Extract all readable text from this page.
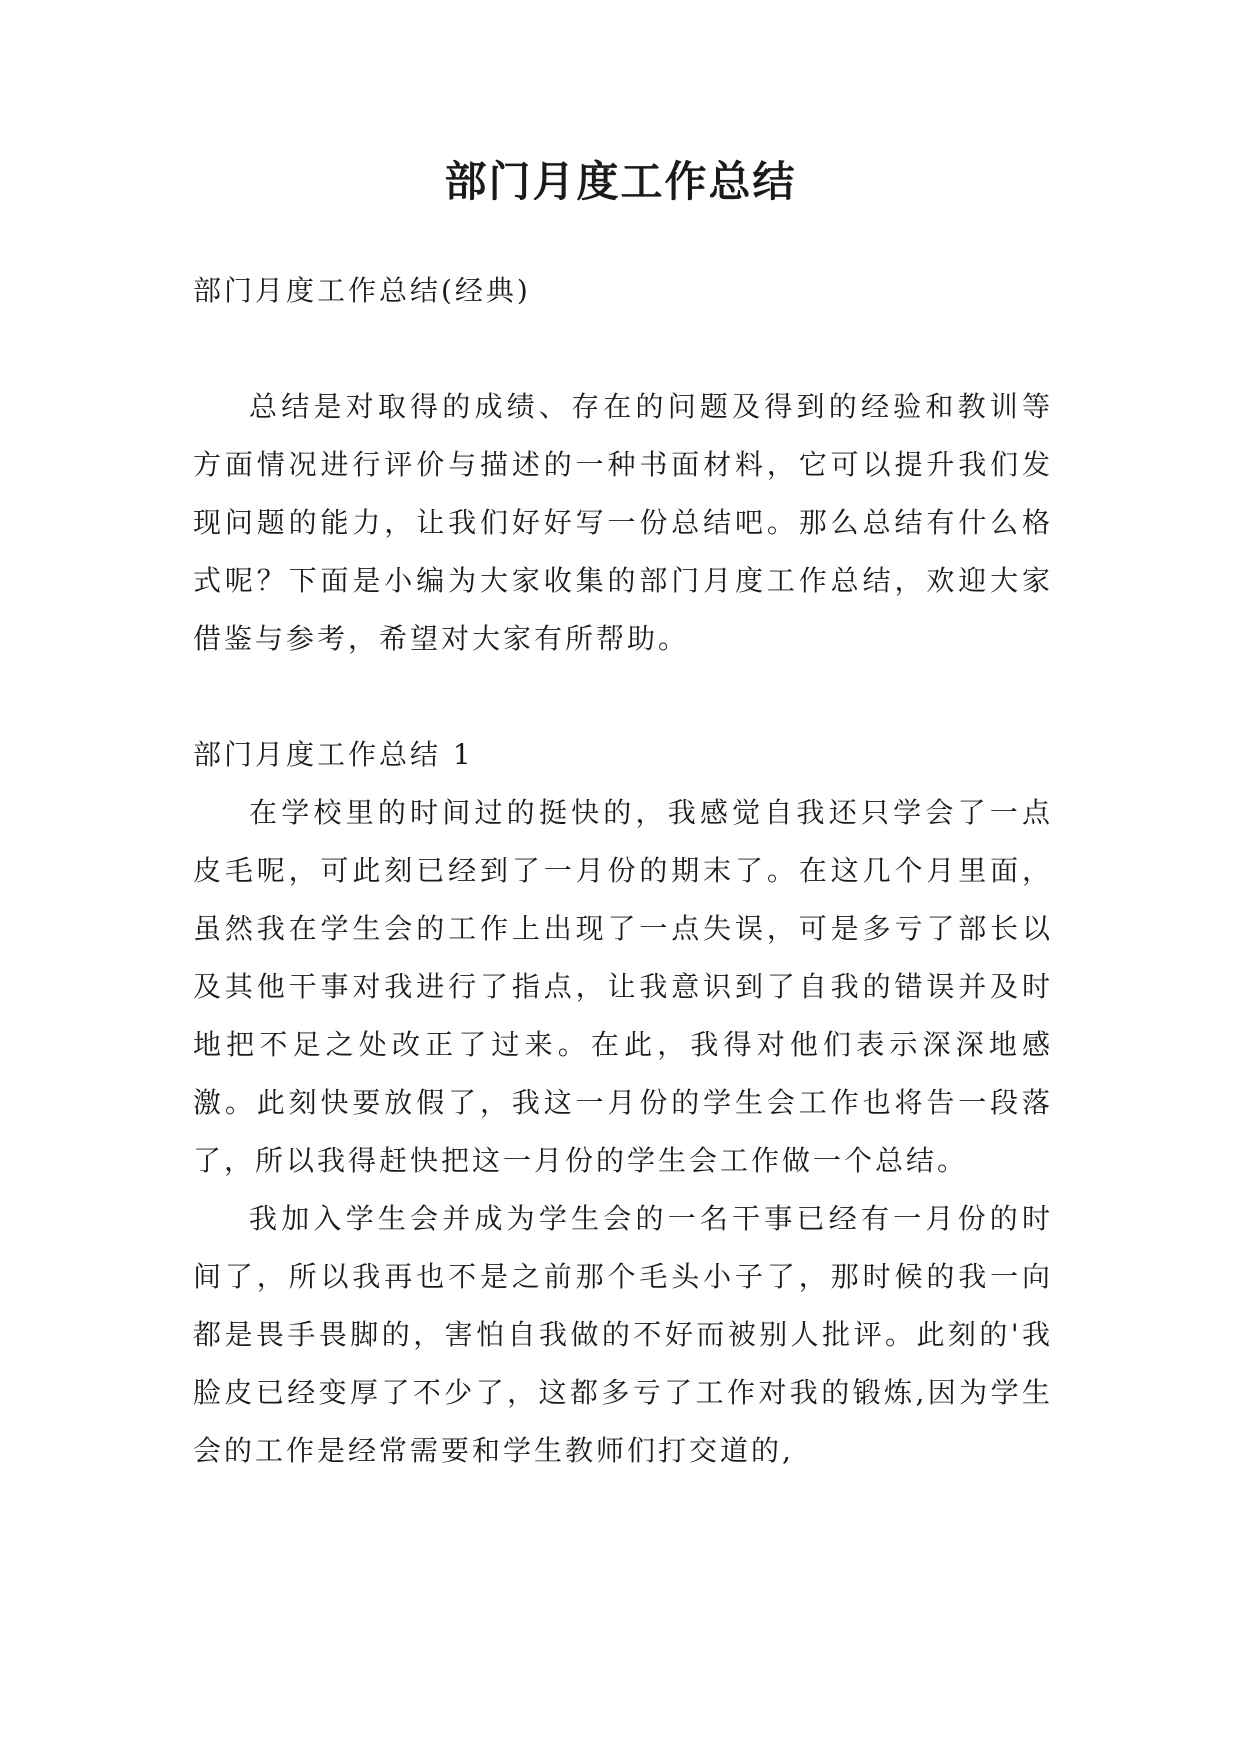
部门月度工作总结

部门月度工作总结(经典)

总结是对取得的成绩、存在的问题及得到的经验和教训等方面情况进行评价与描述的一种书面材料，它可以提升我们发现问题的能力，让我们好好写一份总结吧。那么总结有什么格式呢？下面是小编为大家收集的部门月度工作总结，欢迎大家借鉴与参考，希望对大家有所帮助。

部门月度工作总结 1

在学校里的时间过的挺快的，我感觉自我还只学会了一点皮毛呢，可此刻已经到了一月份的期末了。在这几个月里面，虽然我在学生会的工作上出现了一点失误，可是多亏了部长以及其他干事对我进行了指点，让我意识到了自我的错误并及时地把不足之处改正了过来。在此，我得对他们表示深深地感激。此刻快要放假了，我这一月份的学生会工作也将告一段落了，所以我得赶快把这一月份的学生会工作做一个总结。

我加入学生会并成为学生会的一名干事已经有一月份的时间了，所以我再也不是之前那个毛头小子了，那时候的我一向都是畏手畏脚的，害怕自我做的不好而被别人批评。此刻的'我脸皮已经变厚了不少了，这都多亏了工作对我的锻炼,因为学生会的工作是经常需要和学生教师们打交道的,
